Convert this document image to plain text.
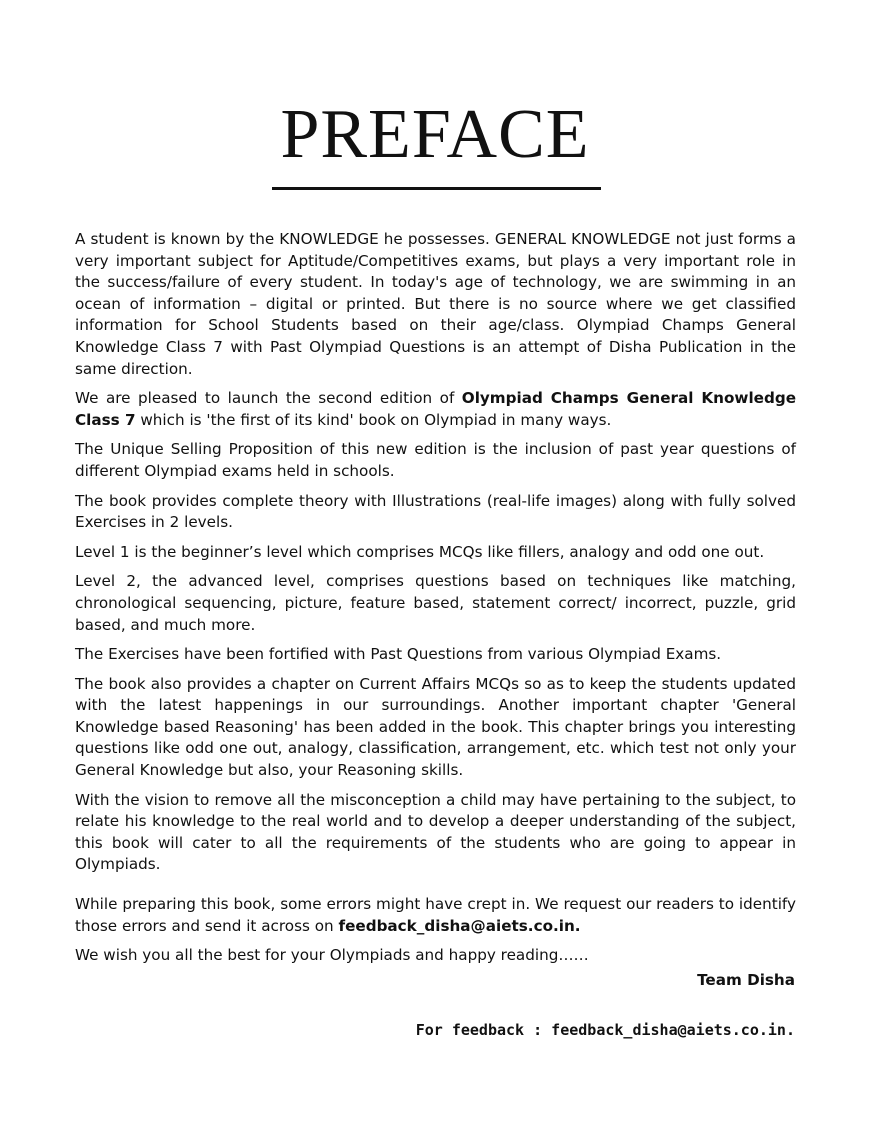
PREFACE

A student is known by the KNOWLEDGE he possesses. GENERAL KNOWLEDGE not just forms a very important subject for Aptitude/Competitives exams, but plays a very important role in the success/failure of every student. In today's age of technology, we are swimming in an ocean of information – digital or printed. But there is no source where we get classified information for School Students based on their age/class. Olympiad Champs General Knowledge Class 7 with Past Olympiad Questions is an attempt of Disha Publication in the same direction.

We are pleased to launch the second edition of Olympiad Champs General Knowledge Class 7 which is 'the first of its kind' book on Olympiad in many ways.

The Unique Selling Proposition of this new edition is the inclusion of past year questions of different Olympiad exams held in schools.

The book provides complete theory with Illustrations (real-life images) along with fully solved Exercises in 2 levels.

Level 1 is the beginner’s level which comprises MCQs like fillers, analogy and odd one out.

Level 2, the advanced level, comprises questions based on techniques like matching, chronological sequencing, picture, feature based, statement correct/ incorrect, puzzle, grid based, and much more.

The Exercises have been fortified with Past Questions from various Olympiad Exams.

The book also provides a chapter on Current Affairs MCQs so as to keep the students updated with the latest happenings in our surroundings. Another important chapter 'General Knowledge based Reasoning' has been added in the book. This chapter brings you interesting questions like odd one out, analogy, classification, arrangement, etc. which test not only your General Knowledge but also, your Reasoning skills.

With the vision to remove all the misconception a child may have pertaining to the subject, to relate his knowledge to the real world and to develop a deeper understanding of the subject, this book will cater to all the requirements of the students who are going to appear in Olympiads.

While preparing this book, some errors might have crept in. We request our readers to identify those errors and send it across on feedback_disha@aiets.co.in.

We wish you all the best for your Olympiads and happy reading……

Team Disha
For feedback : feedback_disha@aiets.co.in.
